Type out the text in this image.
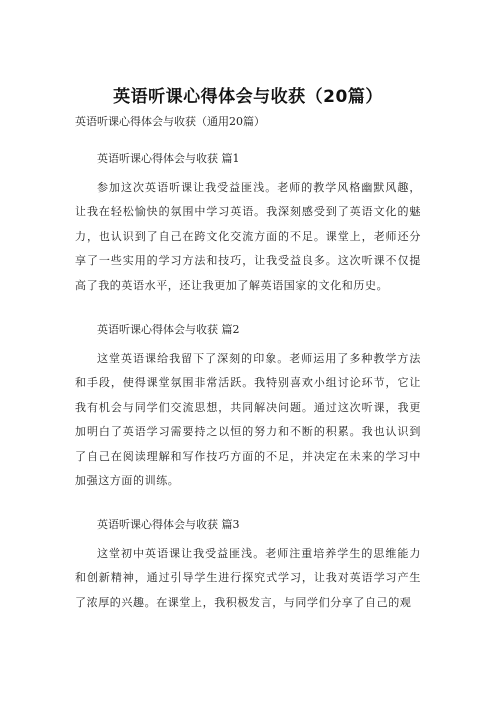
英语听课心得体会与收获（20篇）

英语听课心得体会与收获（通用20篇）

英语听课心得体会与收获 篇1

参加这次英语听课让我受益匪浅。老师的教学风格幽默风趣，让我在轻松愉快的氛围中学习英语。我深刻感受到了英语文化的魅力，也认识到了自己在跨文化交流方面的不足。课堂上，老师还分享了一些实用的学习方法和技巧，让我受益良多。这次听课不仅提高了我的英语水平，还让我更加了解英语国家的文化和历史。

英语听课心得体会与收获 篇2

这堂英语课给我留下了深刻的印象。老师运用了多种教学方法和手段，使得课堂氛围非常活跃。我特别喜欢小组讨论环节，它让我有机会与同学们交流思想，共同解决问题。通过这次听课，我更加明白了英语学习需要持之以恒的努力和不断的积累。我也认识到了自己在阅读理解和写作技巧方面的不足，并决定在未来的学习中加强这方面的训练。

英语听课心得体会与收获 篇3

这堂初中英语课让我受益匪浅。老师注重培养学生的思维能力和创新精神，通过引导学生进行探究式学习，让我对英语学习产生了浓厚的兴趣。在课堂上，我积极发言，与同学们分享了自己的观
